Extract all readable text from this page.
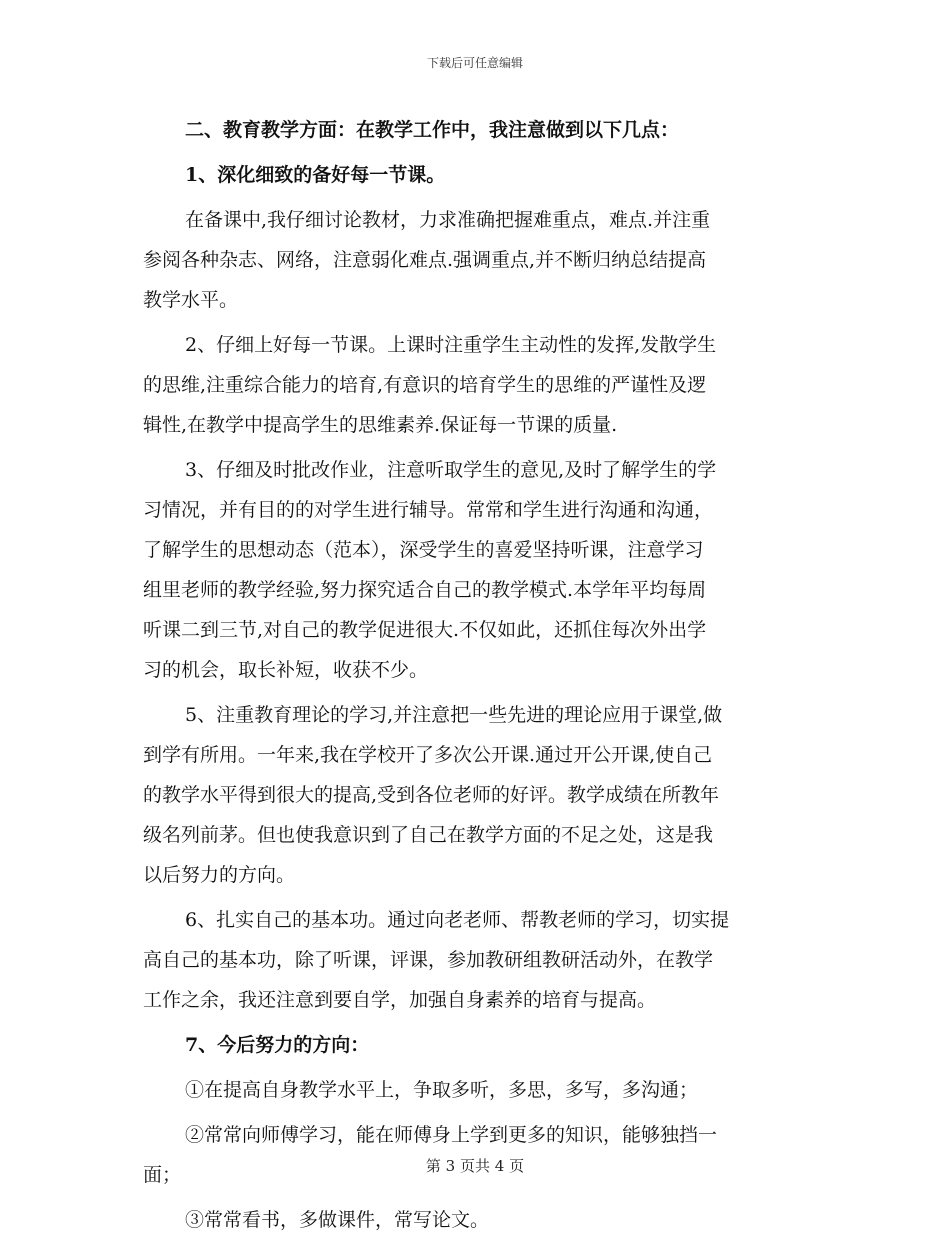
下载后可任意编辑
二、教育教学方面：在教学工作中，我注意做到以下几点：
1、深化细致的备好每一节课。
在备课中,我仔细讨论教材，力求准确把握难重点，难点.并注重
参阅各种杂志、网络，注意弱化难点.强调重点,并不断归纳总结提高
教学水平。
2、仔细上好每一节课。上课时注重学生主动性的发挥,发散学生
的思维,注重综合能力的培育,有意识的培育学生的思维的严谨性及逻
辑性,在教学中提高学生的思维素养.保证每一节课的质量.
3、仔细及时批改作业，注意听取学生的意见,及时了解学生的学
习情况，并有目的的对学生进行辅导。常常和学生进行沟通和沟通，
了解学生的思想动态（范本），深受学生的喜爱坚持听课，注意学习
组里老师的教学经验,努力探究适合自己的教学模式.本学年平均每周
听课二到三节,对自己的教学促进很大.不仅如此，还抓住每次外出学
习的机会，取长补短，收获不少。
5、注重教育理论的学习,并注意把一些先进的理论应用于课堂,做
到学有所用。一年来,我在学校开了多次公开课.通过开公开课,使自己
的教学水平得到很大的提高,受到各位老师的好评。教学成绩在所教年
级名列前茅。但也使我意识到了自己在教学方面的不足之处，这是我
以后努力的方向。
6、扎实自己的基本功。通过向老老师、帮教老师的学习，切实提
高自己的基本功，除了听课，评课，参加教研组教研活动外，在教学
工作之余，我还注意到要自学，加强自身素养的培育与提高。
7、今后努力的方向：
①在提高自身教学水平上，争取多听，多思，多写，多沟通；
②常常向师傅学习，能在师傅身上学到更多的知识，能够独挡一
面；
③常常看书，多做课件，常写论文。
第 3 页共 4 页
